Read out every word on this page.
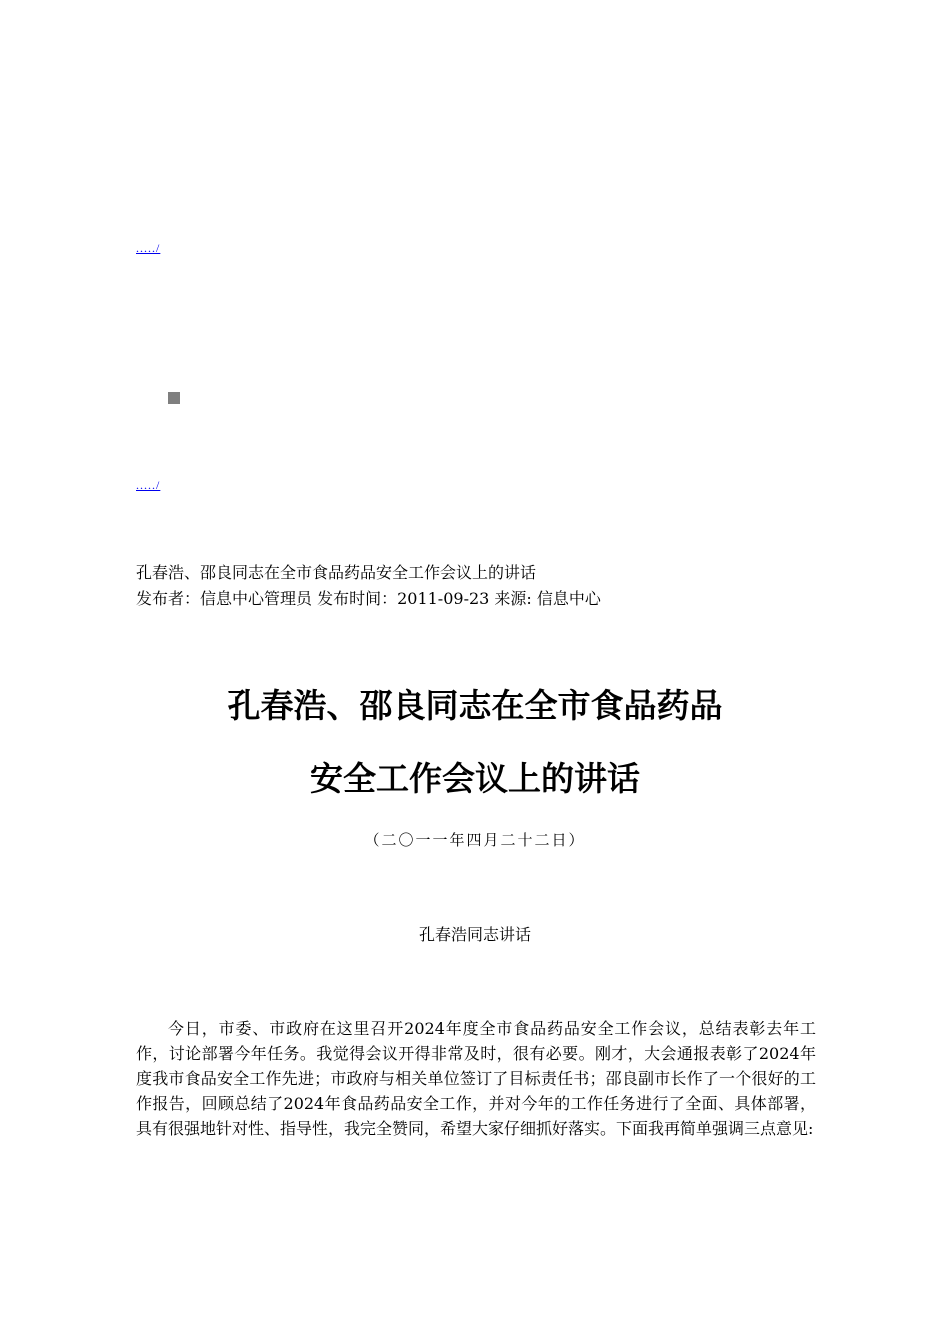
...../
...../
孔春浩、邵良同志在全市食品药品安全工作会议上的讲话
发布者：信息中心管理员 发布时间：2011-09-23 来源: 信息中心
孔春浩、邵良同志在全市食品药品
安全工作会议上的讲话
（二〇一一年四月二十二日）
孔春浩同志讲话
今日，市委、市政府在这里召开2024年度全市食品药品安全工作会议，总结表彰去年工作，讨论部署今年任务。我觉得会议开得非常及时，很有必要。刚才，大会通报表彰了2024年度我市食品安全工作先进；市政府与相关单位签订了目标责任书；邵良副市长作了一个很好的工作报告，回顾总结了2024年食品药品安全工作，并对今年的工作任务进行了全面、具体部署，具有很强地针对性、指导性，我完全赞同，希望大家仔细抓好落实。下面我再简单强调三点意见:
